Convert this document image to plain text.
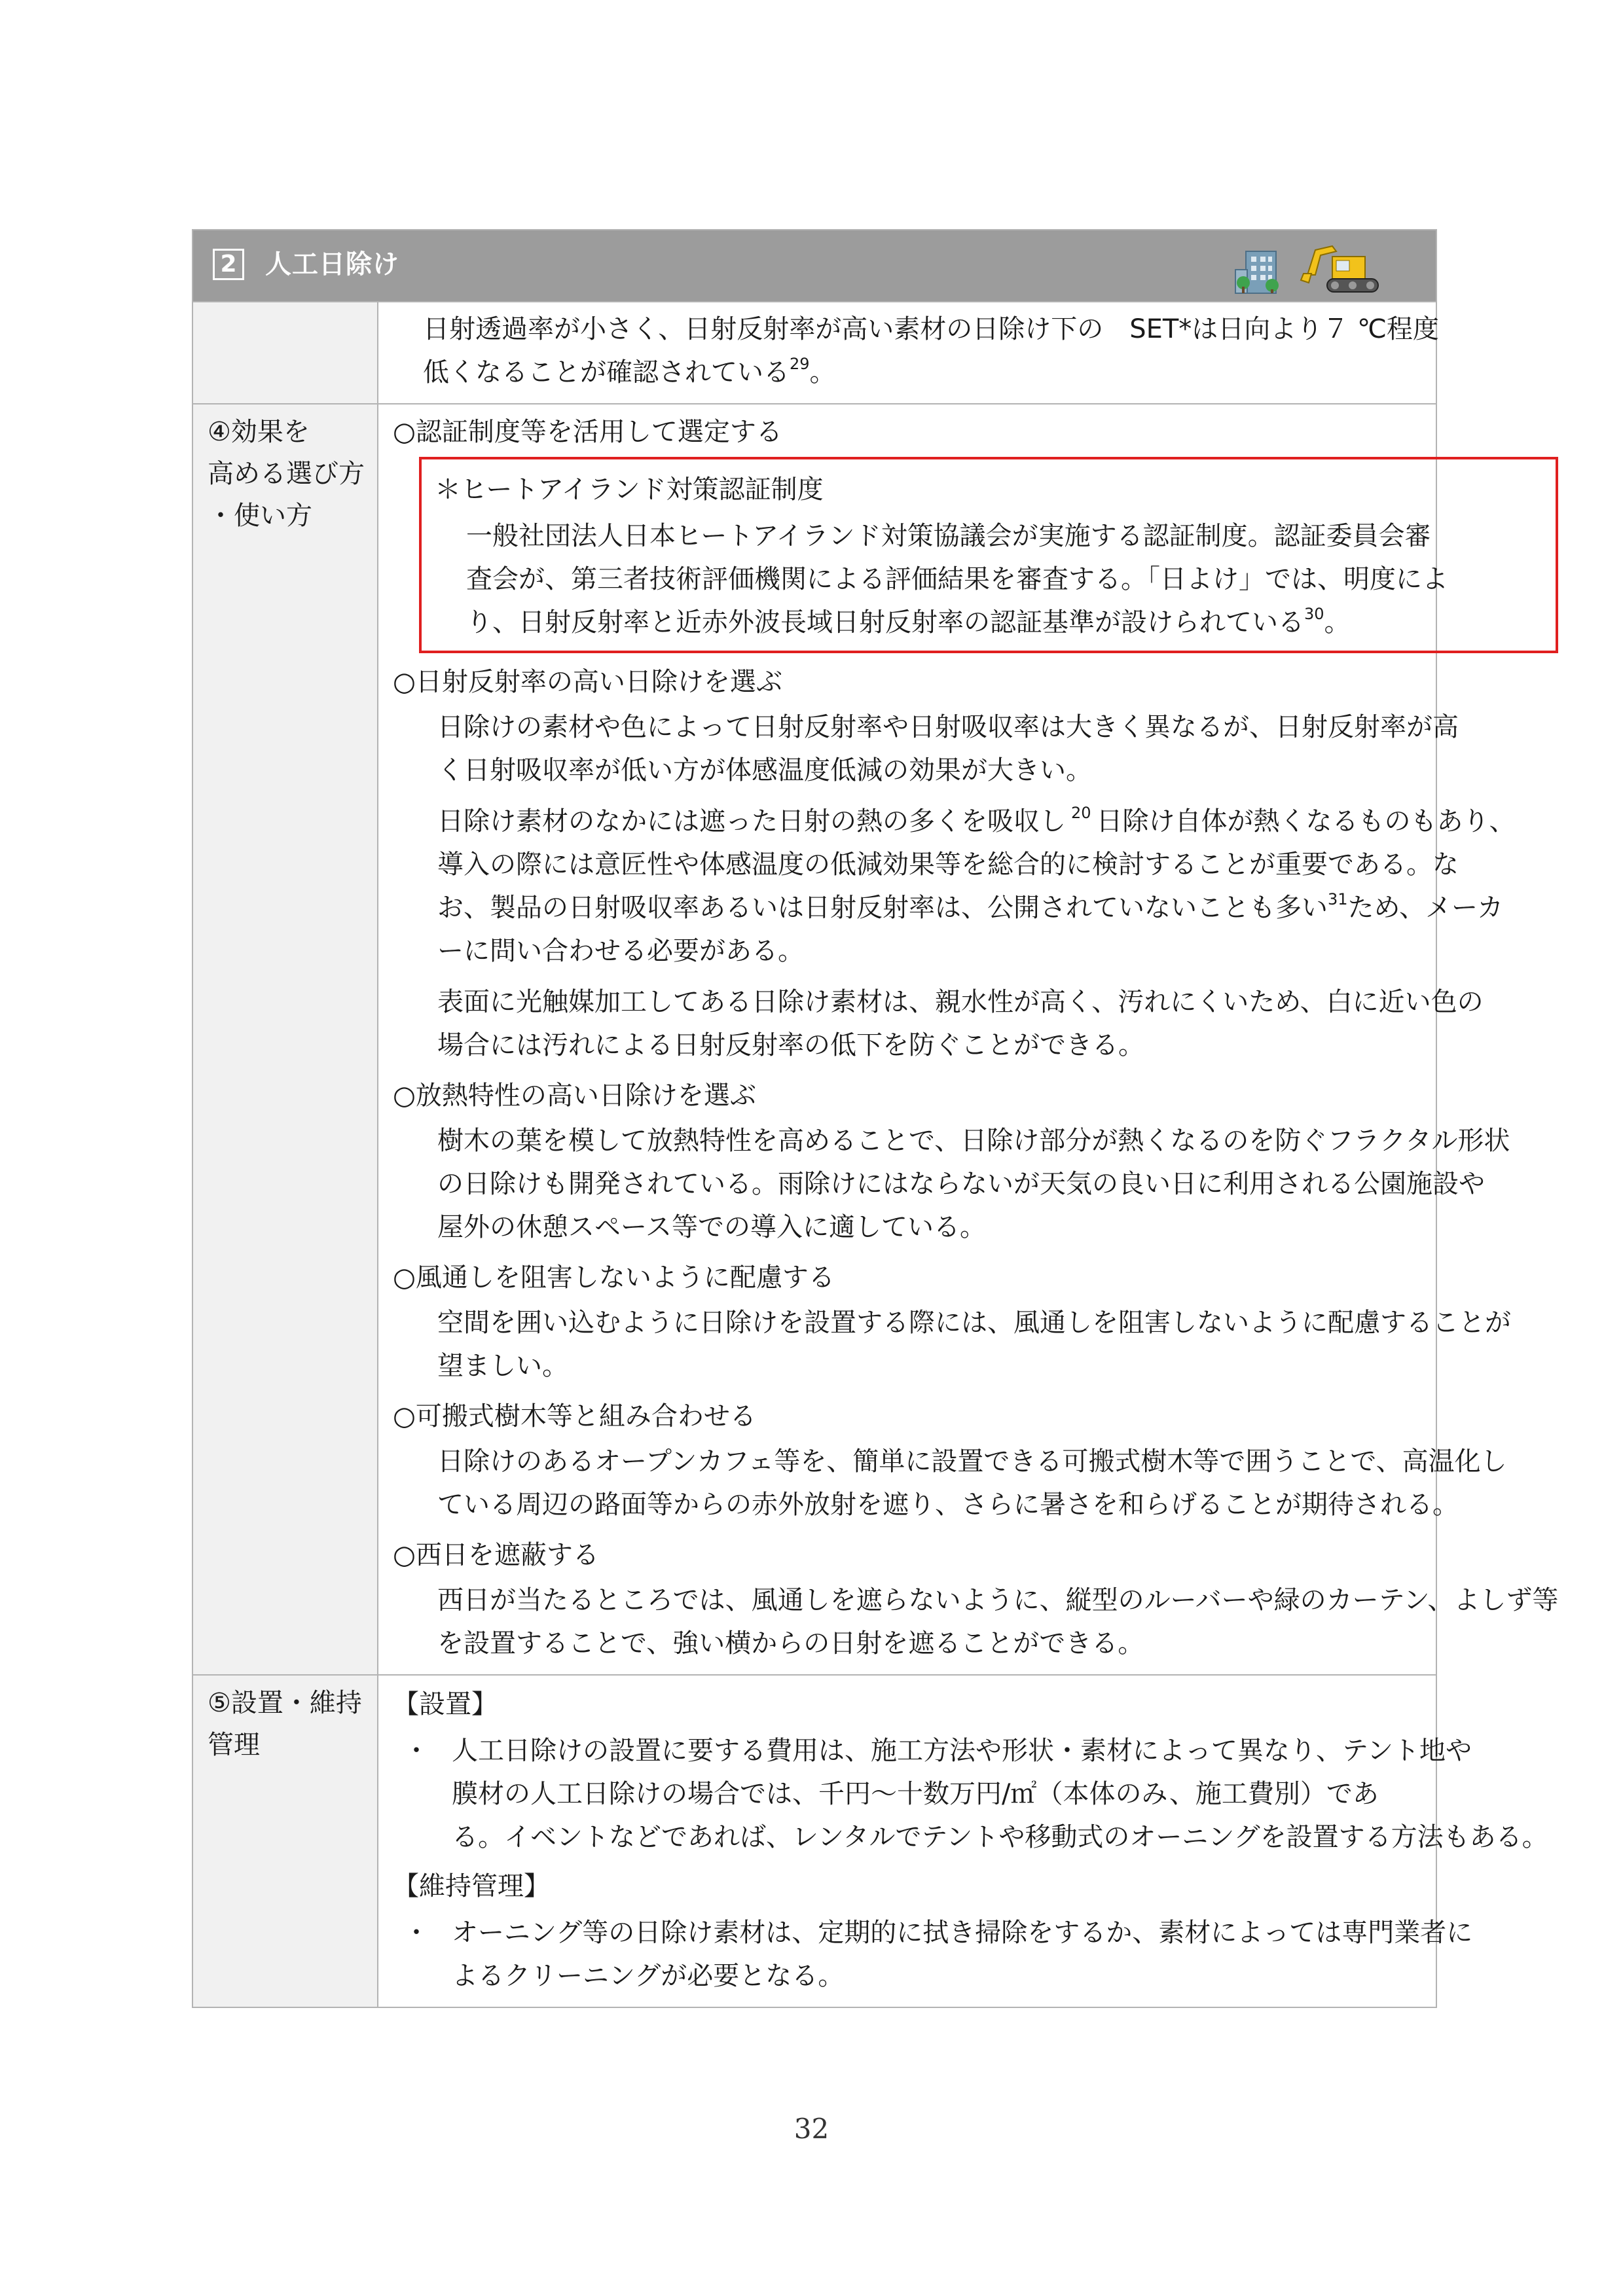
2 人工日除け
日射透過率が小さく、日射反射率が高い素材の日除け下の　SET*は日向より７ ℃程度
低くなることが確認されている$^{29}$。
④効果を
高める選び方
・使い方
○認証制度等を活用して選定する
＊ヒートアイランド対策認証制度
一般社団法人日本ヒートアイランド対策協議会が実施する認証制度。認証委員会審
査会が、第三者技術評価機関による評価結果を審査する。「日よけ」では、明度によ
り、日射反射率と近赤外波長域日射反射率の認証基準が設けられている$^{30}$。
○日射反射率の高い日除けを選ぶ
日除けの素材や色によって日射反射率や日射吸収率は大きく異なるが、日射反射率が高
く日射吸収率が低い方が体感温度低減の効果が大きい。
日除け素材のなかには遮った日射の熱の多くを吸収し $^{20}$ 日除け自体が熱くなるものもあり、
導入の際には意匠性や体感温度の低減効果等を総合的に検討することが重要である。な
お、製品の日射吸収率あるいは日射反射率は、公開されていないことも多い$^{31}$ため、メーカ
ーに問い合わせる必要がある。
表面に光触媒加工してある日除け素材は、親水性が高く、汚れにくいため、白に近い色の
場合には汚れによる日射反射率の低下を防ぐことができる。
○放熱特性の高い日除けを選ぶ
樹木の葉を模して放熱特性を高めることで、日除け部分が熱くなるのを防ぐフラクタル形状
の日除けも開発されている。雨除けにはならないが天気の良い日に利用される公園施設や
屋外の休憩スペース等での導入に適している。
○風通しを阻害しないように配慮する
空間を囲い込むように日除けを設置する際には、風通しを阻害しないように配慮することが
望ましい。
○可搬式樹木等と組み合わせる
日除けのあるオープンカフェ等を、簡単に設置できる可搬式樹木等で囲うことで、高温化し
ている周辺の路面等からの赤外放射を遮り、さらに暑さを和らげることが期待される。
○西日を遮蔽する
西日が当たるところでは、風通しを遮らないように、縦型のルーバーや緑のカーテン、よしず等
を設置することで、強い横からの日射を遮ることができる。
⑤設置・維持
管理
【設置】
・ 人工日除けの設置に要する費用は、施工方法や形状・素材によって異なり、テント地や
膜材の人工日除けの場合では、千円～十数万円/㎡（本体のみ、施工費別）であ
る。イベントなどであれば、レンタルでテントや移動式のオーニングを設置する方法もある。
【維持管理】
・ オーニング等の日除け素材は、定期的に拭き掃除をするか、素材によっては専門業者に
よるクリーニングが必要となる。
32
